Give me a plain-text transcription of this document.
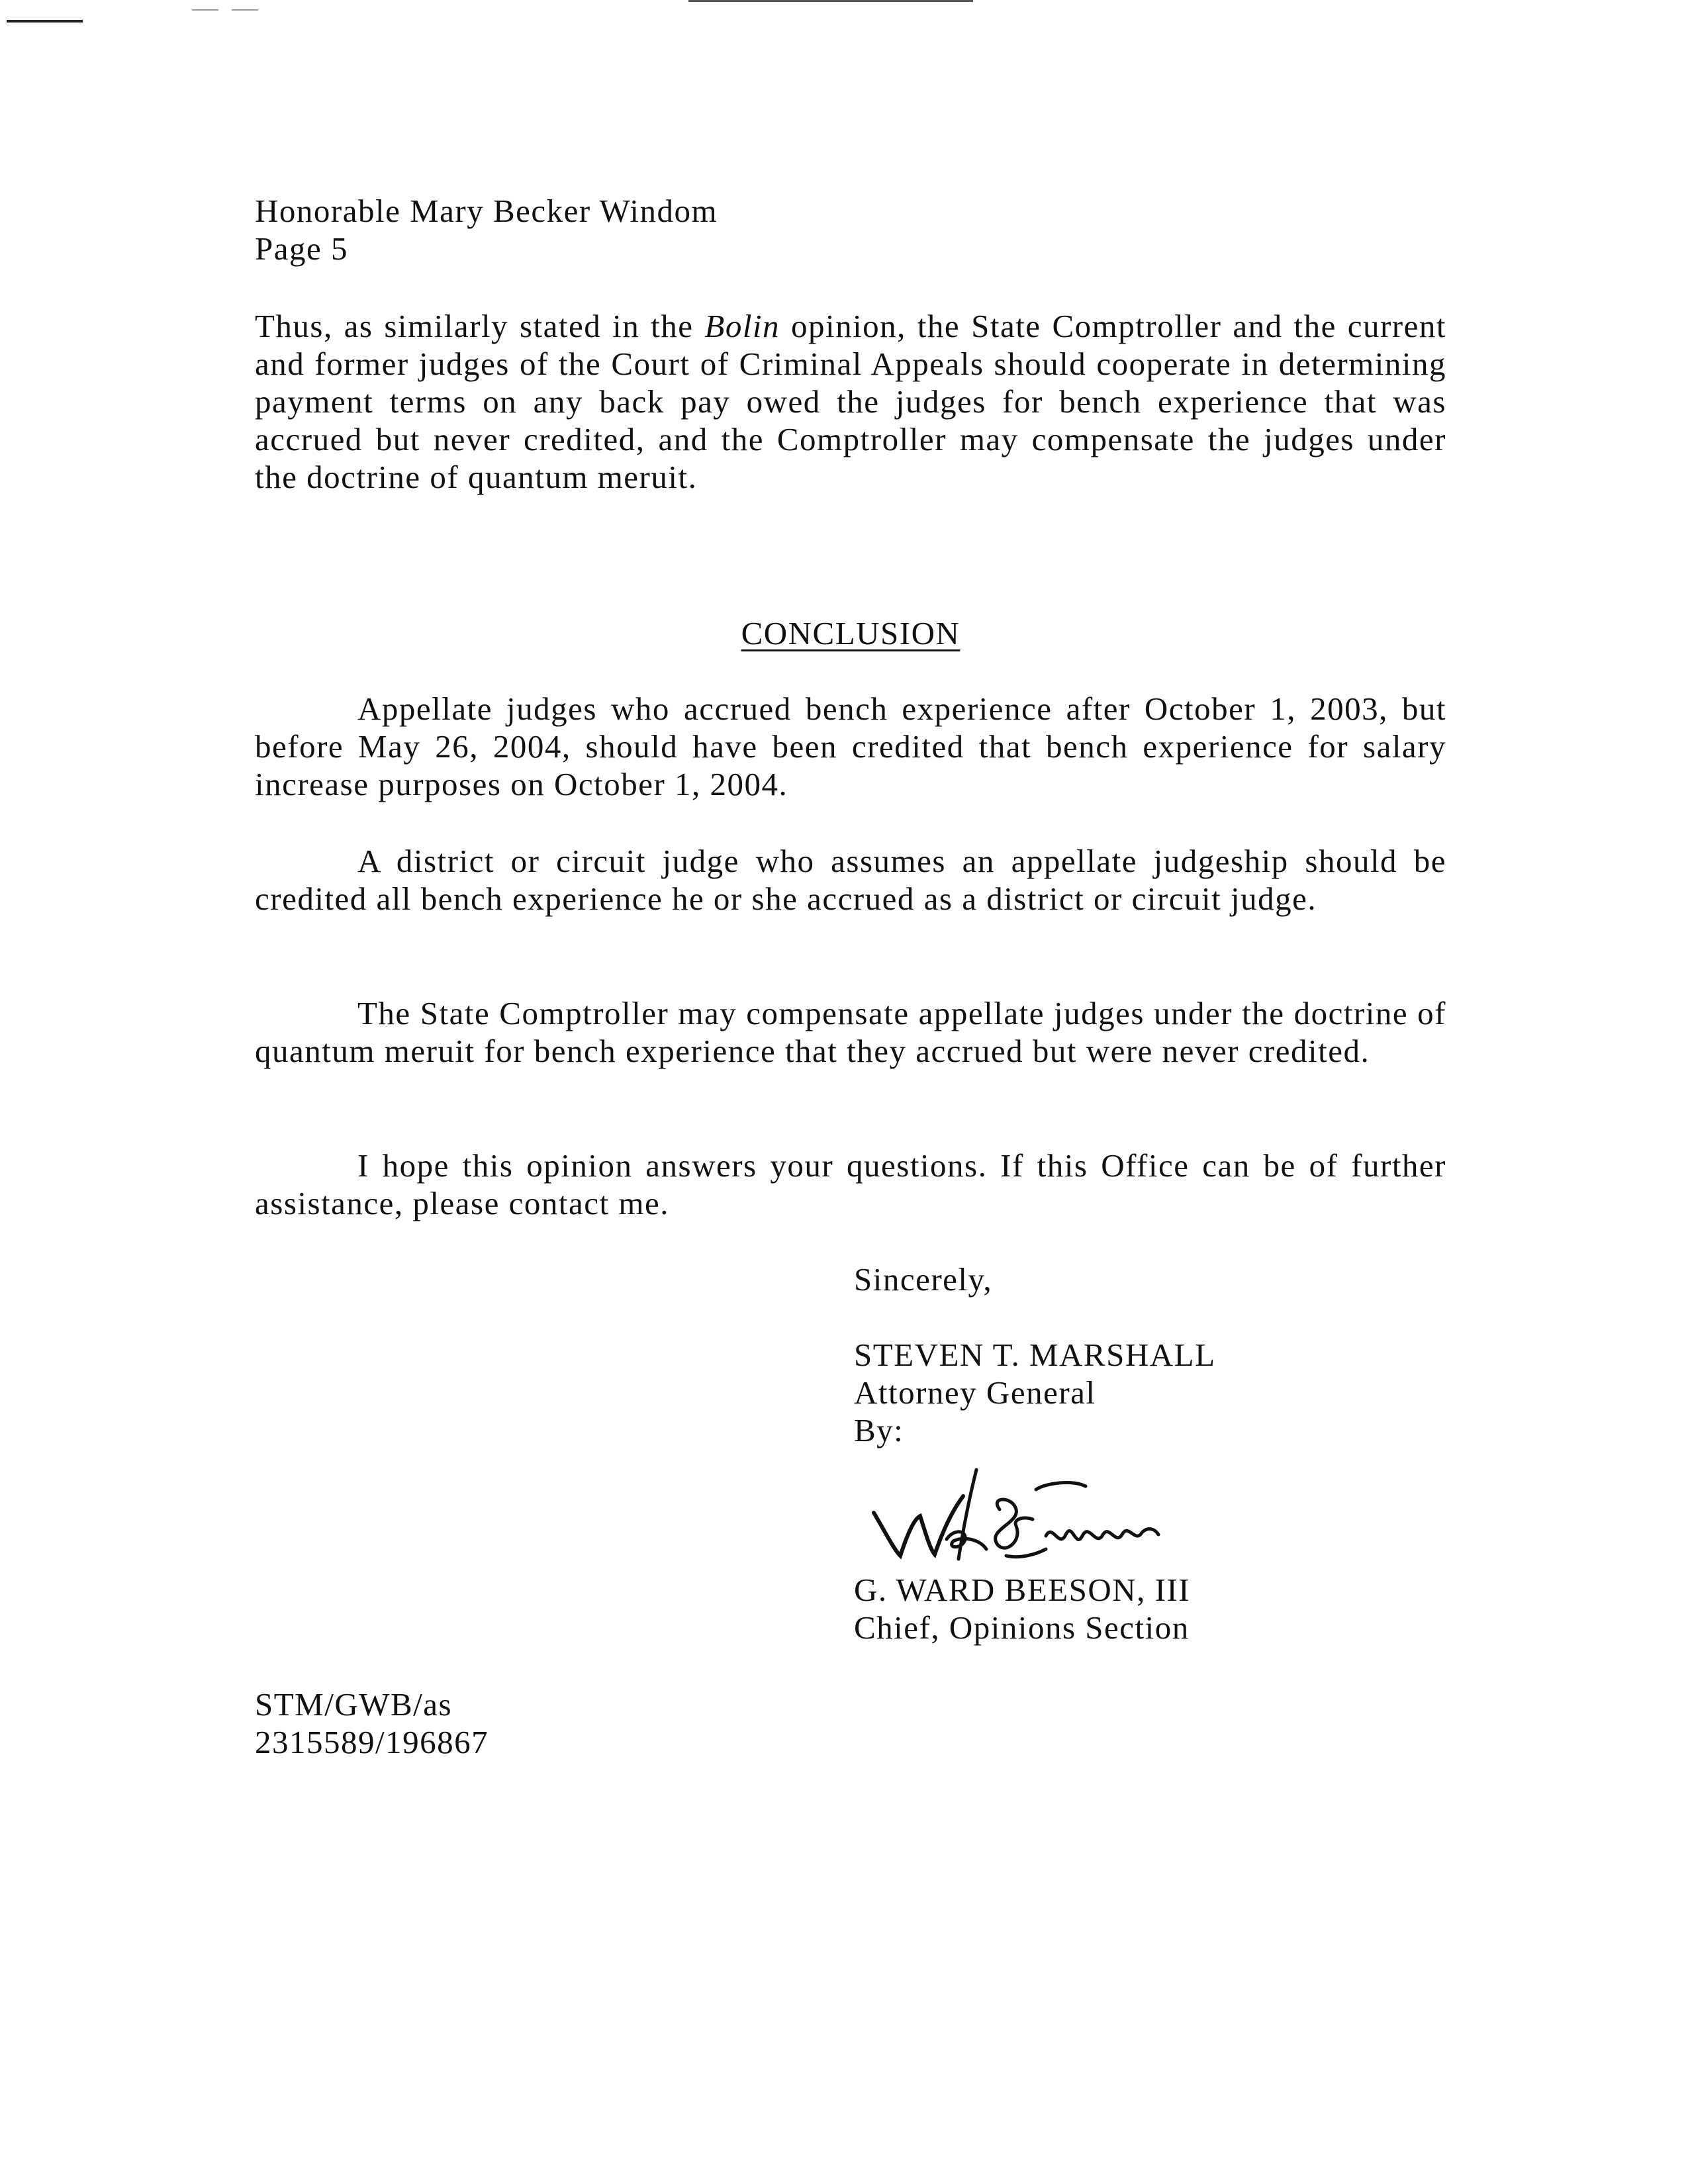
Honorable Mary Becker Windom
Page 5

Thus, as similarly stated in the Bolin opinion, the State Comptroller and the current and former judges of the Court of Criminal Appeals should cooperate in determining payment terms on any back pay owed the judges for bench experience that was accrued but never credited, and the Comptroller may compensate the judges under the doctrine of quantum meruit.

CONCLUSION

Appellate judges who accrued bench experience after October 1, 2003, but before May 26, 2004, should have been credited that bench experience for salary increase purposes on October 1, 2004.

A district or circuit judge who assumes an appellate judgeship should be credited all bench experience he or she accrued as a district or circuit judge.

The State Comptroller may compensate appellate judges under the doctrine of quantum meruit for bench experience that they accrued but were never credited.

I hope this opinion answers your questions. If this Office can be of further assistance, please contact me.

Sincerely,
STEVEN T. MARSHALL
Attorney General
By:
W. Ward Beeson
G. WARD BEESON, III
Chief, Opinions Section
STM/GWB/as
2315589/196867
